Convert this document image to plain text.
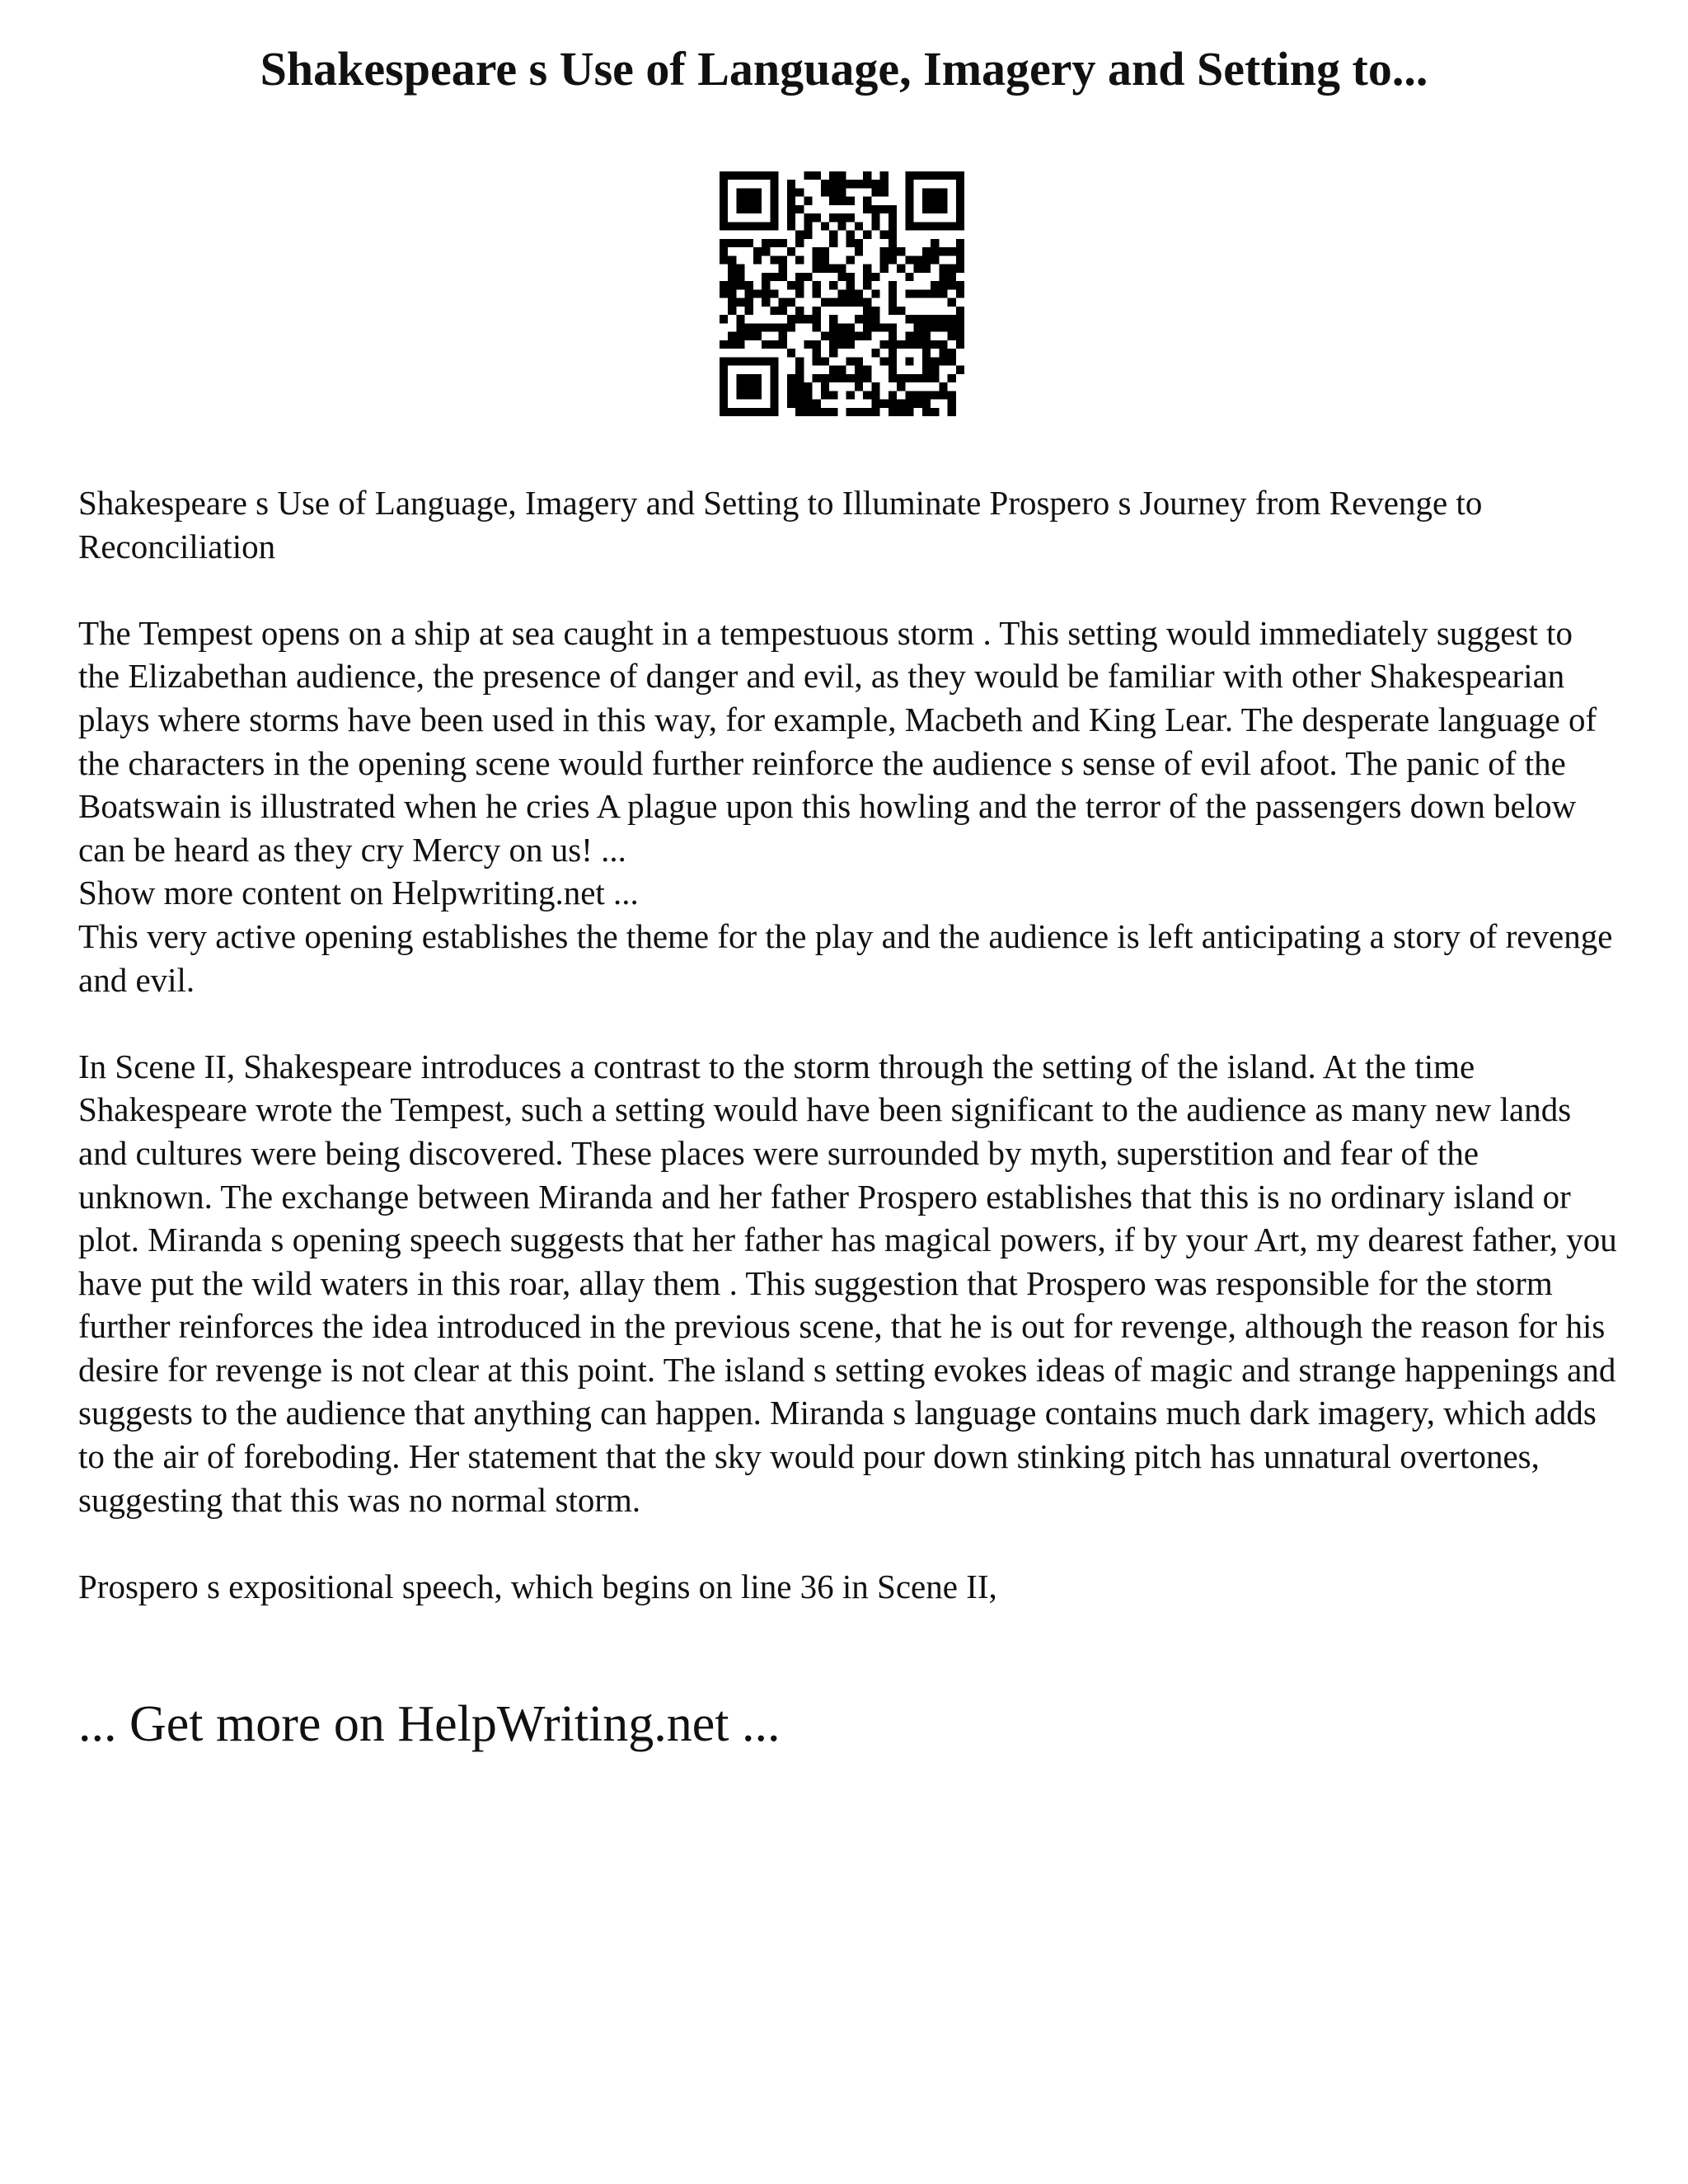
Shakespeare s Use of Language, Imagery and Setting to...

Shakespeare s Use of Language, Imagery and Setting to Illuminate Prospero s Journey from Revenge to Reconciliation

The Tempest opens on a ship at sea caught in a tempestuous storm . This setting would immediately suggest to the Elizabethan audience, the presence of danger and evil, as they would be familiar with other Shakespearian plays where storms have been used in this way, for example, Macbeth and King Lear. The desperate language of the characters in the opening scene would further reinforce the audience s sense of evil afoot. The panic of the Boatswain is illustrated when he cries A plague upon this howling and the terror of the passengers down below can be heard as they cry Mercy on us! ...

Show more content on Helpwriting.net ...

This very active opening establishes the theme for the play and the audience is left anticipating a story of revenge and evil.

In Scene II, Shakespeare introduces a contrast to the storm through the setting of the island. At the time Shakespeare wrote the Tempest, such a setting would have been significant to the audience as many new lands and cultures were being discovered. These places were surrounded by myth, superstition and fear of the unknown. The exchange between Miranda and her father Prospero establishes that this is no ordinary island or plot. Miranda s opening speech suggests that her father has magical powers, if by your Art, my dearest father, you have put the wild waters in this roar, allay them . This suggestion that Prospero was responsible for the storm further reinforces the idea introduced in the previous scene, that he is out for revenge, although the reason for his desire for revenge is not clear at this point. The island s setting evokes ideas of magic and strange happenings and suggests to the audience that anything can happen. Miranda s language contains much dark imagery, which adds to the air of foreboding. Her statement that the sky would pour down stinking pitch has unnatural overtones, suggesting that this was no normal storm.

Prospero s expositional speech, which begins on line 36 in Scene II,

... Get more on HelpWriting.net ...
